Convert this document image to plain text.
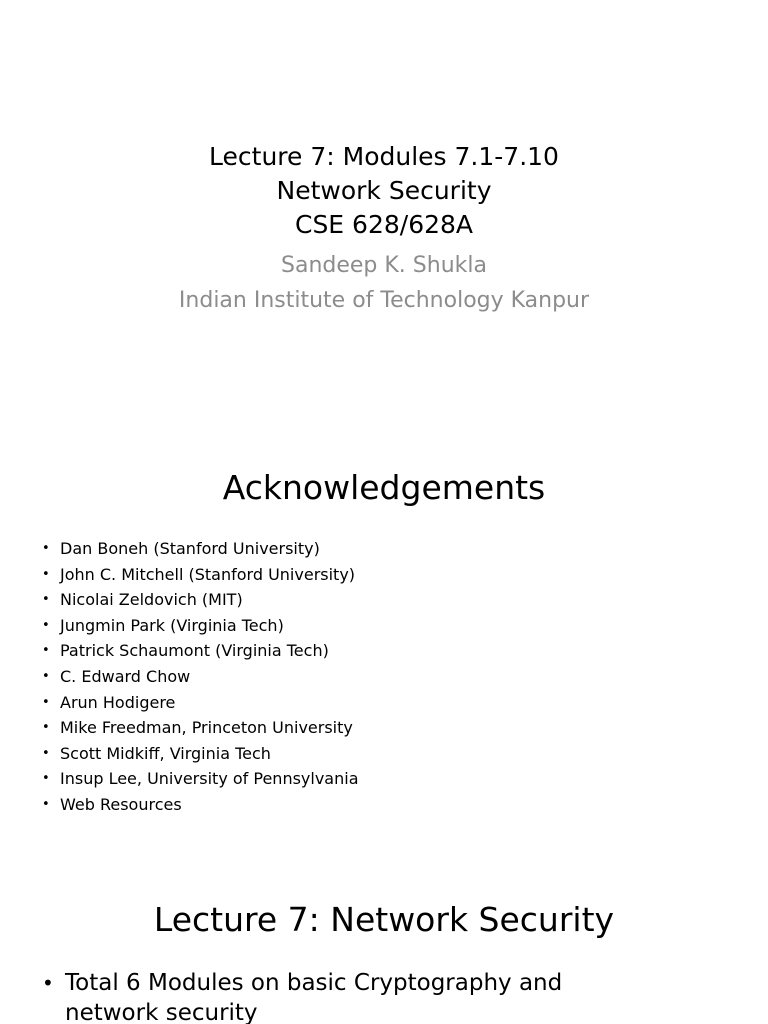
Lecture 7: Modules 7.1-7.10
Network Security
CSE 628/628A
Sandeep K. Shukla
Indian Institute of Technology Kanpur
Acknowledgements
• Dan Boneh (Stanford University)
• John C. Mitchell (Stanford University)
• Nicolai Zeldovich (MIT)
• Jungmin Park (Virginia Tech)
• Patrick Schaumont (Virginia Tech)
• C. Edward Chow
• Arun Hodigere
• Mike Freedman, Princeton University
• Scott Midkiff, Virginia Tech
• Insup Lee, University of Pennsylvania
• Web Resources
Lecture 7: Network Security
• Total 6 Modules on basic Cryptography and network security
